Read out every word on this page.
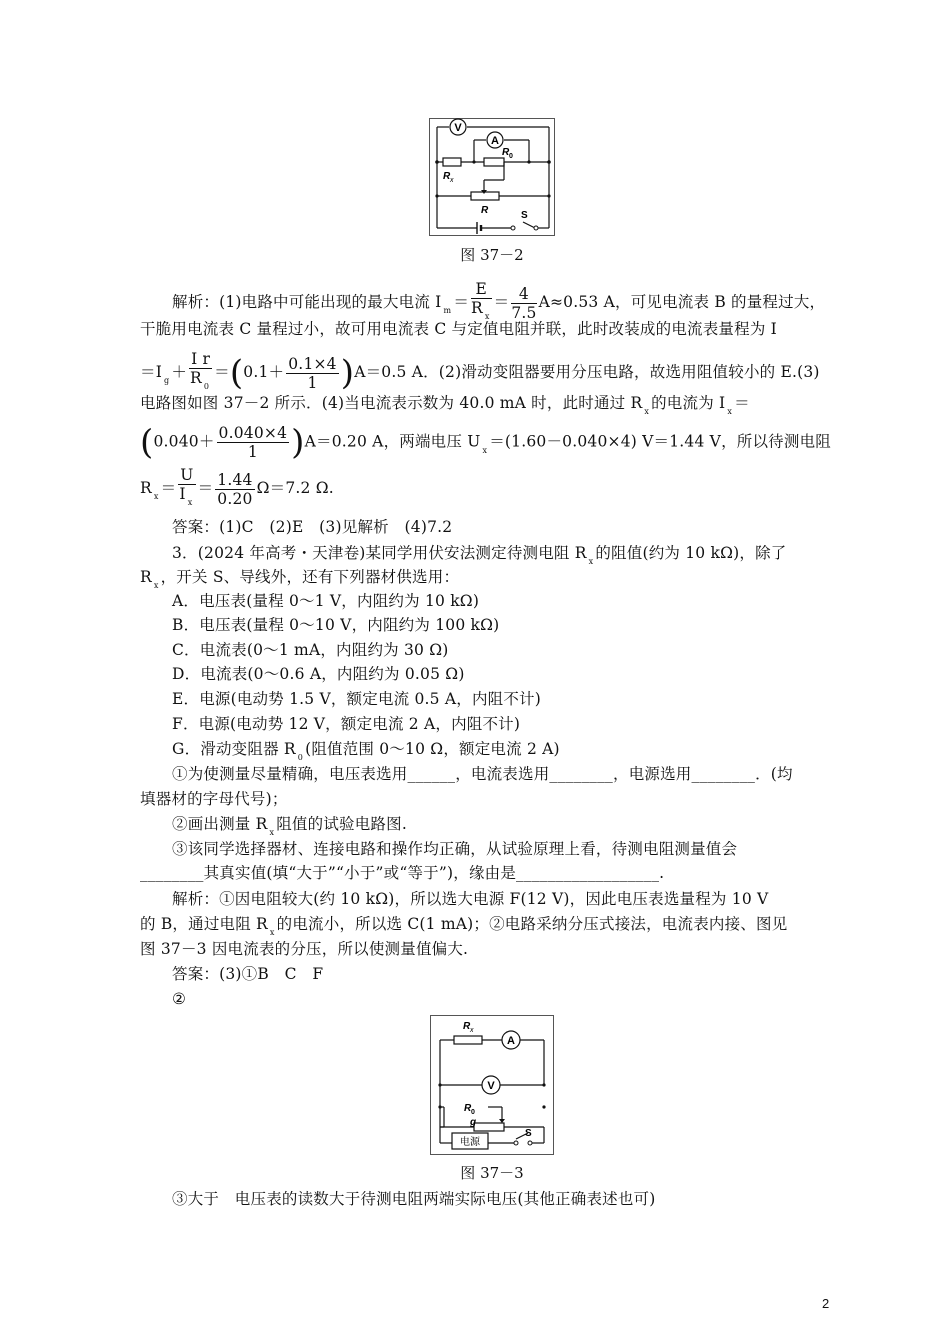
V
A
R 0
R x
R	S
图 37－2
解析：(1)电路中可能出现的最大电流 I $_m = \frac{E}{R _x} = \frac{4}{7.5} A\approx 0.53$ A，可见电流表 B 的量程过大，
干脆用电流表 C 量程过小，故可用电流表 C 与定值电阻并联，此时改装成的电流表量程为 I
＝I $_g + \frac{\text{I r}}{R _0} =(0.1+ \frac{0.1\times 4}{1} )A=0.5$ A．(2)滑动变阻器要用分压电路，故选用阻值较小的 E.(3)
电路图如图 37－2 所示．(4)当电流表示数为 40.0 mA 时，此时通过 R $_x$ 的电流为 I $_x$ ＝
$(0.040+ \frac{0.040\times 4}{1} )A=0.20$ A，两端电压 U $_x$ ＝(1.60－0.040×4) V＝1.44 V，所以待测电阻
R $_x = \frac{U}{I _x} = \frac{1.44}{0.20} \Omega=7.2$ Ω.
答案：(1)C　(2)E　(3)见解析　(4)7.2
3．(2024 年高考・天津卷)某同学用伏安法测定待测电阻 R $_x$ 的阻值(约为 10 kΩ)，除了
R $_x$ ，开关 S、导线外，还有下列器材供选用：
A．电压表(量程 0～1 V，内阻约为 10 kΩ)
B．电压表(量程 0～10 V，内阻约为 100 kΩ)
C．电流表(0～1 mA，内阻约为 30 Ω)
D．电流表(0～0.6 A，内阻约为 0.05 Ω)
E．电源(电动势 1.5 V，额定电流 0.5 A，内阻不计)
F．电源(电动势 12 V，额定电流 2 A，内阻不计)
G．滑动变阻器 R $_0$ (阻值范围 0～10 Ω，额定电流 2 A)
①为使测量尽量精确，电压表选用______，电流表选用________，电源选用________．(均
填器材的字母代号)；
②画出测量 R $_x$ 阻值的试验电路图.
③该同学选择器材、连接电路和操作均正确，从试验原理上看，待测电阻测量值会
________其真实值(填“大于”“小于”或“等于”)，缘由是__________________.
解析：①因电阻较大(约 10 kΩ)，所以选大电源 F(12 V)，因此电压表选量程为 10 V
的 B，通过电阻 R $_x$ 的电流小，所以选 C(1 mA)；②电路采纳分压式接法，电流表内接、图见
图 37－3 因电流表的分压，所以使测量值偏大.
答案：(3)①B　C　F
②
A
V
R x
R 0
g
电源
S
图 37－3
③大于　电压表的读数大于待测电阻两端实际电压(其他正确表述也可)
2
